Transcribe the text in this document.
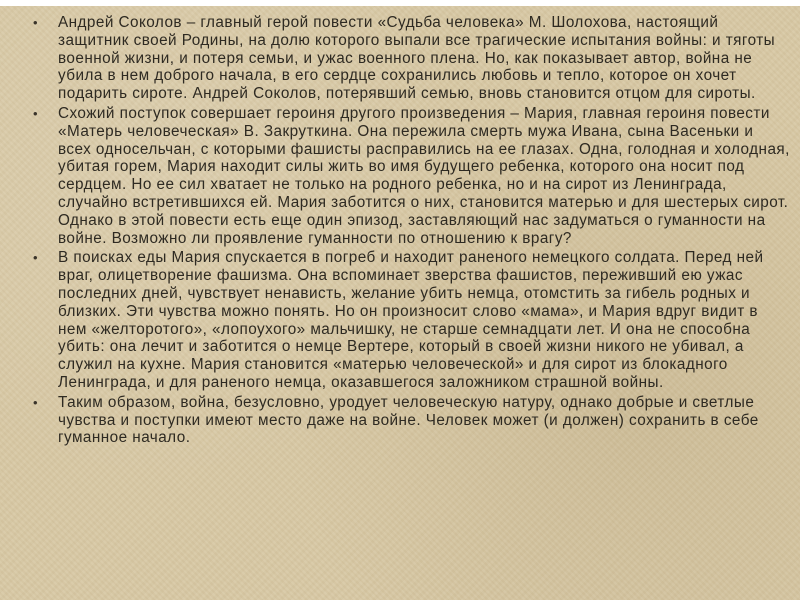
• Андрей Соколов – главный герой повести «Судьба человека» М. Шолохова, настоящий защитник своей Родины, на долю которого выпали все трагические испытания войны: и тяготы военной жизни, и потеря семьи, и ужас военного плена. Но, как показывает автор, война не убила в нем доброго начала, в его сердце сохранились любовь и тепло, которое он хочет подарить сироте. Андрей Соколов, потерявший семью, вновь становится отцом для сироты.
• Схожий поступок совершает героиня другого произведения – Мария, главная героиня повести «Матерь человеческая» В. Закруткина. Она пережила смерть мужа Ивана, сына Васеньки и всех односельчан, с которыми фашисты расправились на ее глазах. Одна, голодная и холодная, убитая горем, Мария находит силы жить во имя будущего ребенка, которого она носит под сердцем. Но ее сил хватает не только на родного ребенка, но и на сирот из Ленинграда, случайно встретившихся ей. Мария заботится о них, становится матерью и для шестерых сирот. Однако в этой повести есть еще один эпизод, заставляющий нас задуматься о гуманности на войне. Возможно ли проявление гуманности по отношению к врагу?
• В поисках еды Мария спускается в погреб и находит раненого немецкого солдата. Перед ней враг, олицетворение фашизма. Она вспоминает зверства фашистов, переживший ею ужас последних дней, чувствует ненависть, желание убить немца, отомстить за гибель родных и близких. Эти чувства можно понять. Но он произносит слово «мама», и Мария вдруг видит в нем «желторотого», «лопоухого» мальчишку, не старше семнадцати лет. И она не способна убить: она лечит и заботится о немце Вертере, который в своей жизни никого не убивал, а служил на кухне. Мария становится «матерью человеческой» и для сирот из блокадного Ленинграда, и для раненого немца, оказавшегося заложником страшной войны.
• Таким образом, война, безусловно, уродует человеческую натуру, однако добрые и светлые чувства и поступки имеют место даже на войне. Человек может (и должен) сохранить в себе гуманное начало.
